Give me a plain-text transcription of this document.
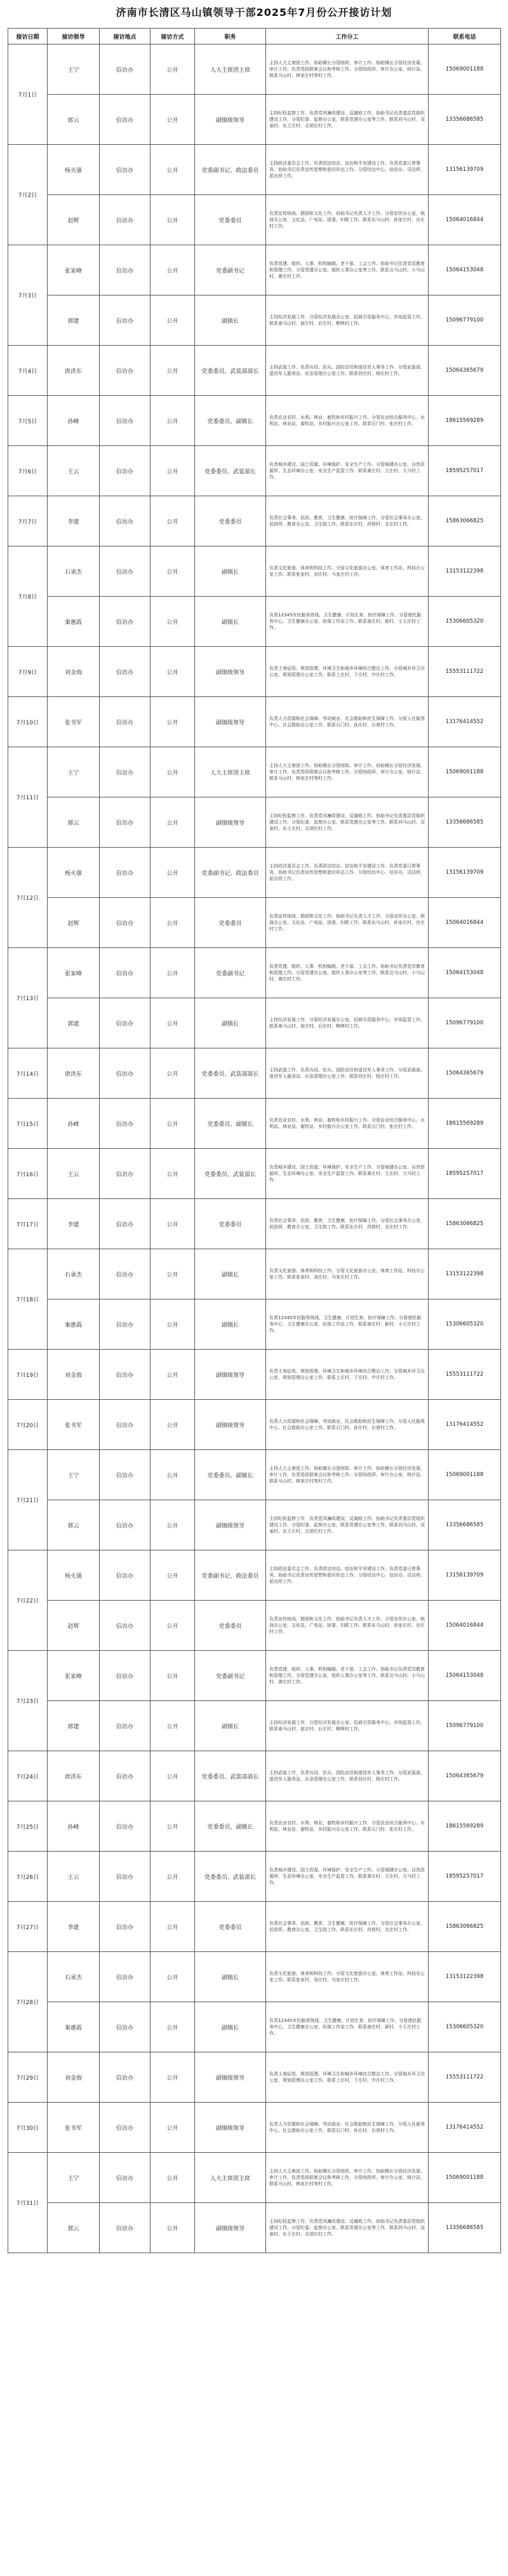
济南市长清区马山镇领导干部2025年7月份公开接访计划
接访日期	接访领导	接访地点	接访方式	职务	工作分工	联系电话
7月1日	王宁	信访办	公开	人大主席团主席	主持人大主席团工作。协助镇长分管财政、审计工作。协助镇长分管经济发展、审计工作。负责党政联席会议和考核工作。分管财政所、审计办公室、统计站。联系马山村、林家庄村等村工作。	15069001188
	郭云	信访办	公开	副镇级领导	主持纪检监察工作，负责党风廉政建设、反腐败工作。协助书记负责基层党组织建设工作。分管纪委、监察办公室，联系党建办公室等工作。联系西马山村、双泉村、东王庄村、北胡庄村工作。	13356686585
7月2日	杨火强	信访办	公开	党委副书记、政法委员	主持政法委员会工作，负责政法综治、信访和平安建设工作。负责党委日常事务。协助书记负责宣传思想和意识形态工作。分管综治中心、信访办、司法所、派出所工作。	13156139709
	赵辉	信访办	公开	党委委员	负责宣传统战、群团和文化工作。协助书记负责人才工作。分管宣传办公室、统战办公室、文化站、广电站、团委、妇联工作。联系东马山村、孙家庄村、岳庄村工作。	15064016844
7月3日	张家峰	信访办	公开	党委副书记	负责党建、组织、人事、机构编制、老干部、工会工作。协助书记负责党员教育和管理工作。分管党建办公室、组织人事办公室等工作。联系北马山村、小马山村、黄庄村工作。	15064153048
	郭建	信访办	公开	副镇长	主持经济发展工作，分管经济发展办公室、招商引资服务中心、市场监管工作。联系南马山村、前庄村、后庄村、柳林村工作。	15096779100
7月4日	唐洪东	信访办	公开	党委委员、武装部部长	主持武装工作，负责兵役、民兵、国防动员和退役军人事务工作。分管武装部、退役军人服务站、应急管理办公室工作。联系西庄村、杨庄村工作。	15064365679
7月5日	孙峰	信访办	公开	党委委员、副镇长	负责农业农村、水利、林业、畜牧和乡村振兴工作。分管农业综合服务中心、水利站、林业站、畜牧站、乡村振兴办公室工作。联系石门村、张庄村工作。	18615569289
7月6日	王云	信访办	公开	党委委员、武装部长	负责城乡建设、国土资源、环境保护、安全生产工作。分管城建办公室、自然资源所、生态环境办公室、安全生产监管工作。联系黄庄村、王庄村、大马村工作。	18595257017
7月7日	李建	信访办	公开	党委委员	负责社会事务、民政、教育、卫生健康、医疗保障工作。分管社会事务办公室、民政所、教育办公室、卫生院工作。联系东庄村、西营村、北庄村工作。	15863066825
7月8日	石承杰	信访办	公开	副镇长	负责文化旅游、体育和科技工作。分管文化旅游办公室、体育工作站、科技办公室工作。联系张家村、刘庄村、马家庄村工作。	13153122398
	秦惠霞	信访办	公开	副镇长	负责12345市民服务热线、卫生健康、计划生育、医疗保障工作。分管便民服务中心、卫生健康办公室、医保工作站工作。联系南庄村、新村、小王庄村工作。	15306605320
7月9日	刘金海	信访办	公开	副镇级领导	负责土地征收、规划管理、环境卫生和城乡环境综合整治工作。分管城乡环卫办公室、规划管理办公室工作。联系上庄村、下庄村、中庄村工作。	15553111722
7月10日	张书军	信访办	公开	副镇级领导	负责人力资源和社会保障、劳动就业、社会救助和民生保障工作。分管人社服务中心、社会救助办公室工作。联系石门村、孙庄村、后营村工作。	13176414552
7月11日	王宁	信访办	公开	人大主席团主席	主持人大主席团工作。协助镇长分管财政、审计工作。协助镇长分管经济发展、审计工作。负责党政联席会议和考核工作。分管财政所、审计办公室、统计站。联系马山村、林家庄村等村工作。	15069001188
	郭云	信访办	公开	副镇级领导	主持纪检监察工作，负责党风廉政建设、反腐败工作。协助书记负责基层党组织建设工作。分管纪委、监察办公室，联系党建办公室等工作。联系西马山村、双泉村、东王庄村、北胡庄村工作。	13356686585
7月12日	杨火强	信访办	公开	党委副书记、政法委员	主持政法委员会工作，负责政法综治、信访和平安建设工作。负责党委日常事务。协助书记负责宣传思想和意识形态工作。分管综治中心、信访办、司法所、派出所工作。	13156139709
	赵辉	信访办	公开	党委委员	负责宣传统战、群团和文化工作。协助书记负责人才工作。分管宣传办公室、统战办公室、文化站、广电站、团委、妇联工作。联系东马山村、孙家庄村、岳庄村工作。	15064016844
7月13日	张家峰	信访办	公开	党委副书记	负责党建、组织、人事、机构编制、老干部、工会工作。协助书记负责党员教育和管理工作。分管党建办公室、组织人事办公室等工作。联系北马山村、小马山村、黄庄村工作。	15064153048
	郭建	信访办	公开	副镇长	主持经济发展工作，分管经济发展办公室、招商引资服务中心、市场监管工作。联系南马山村、前庄村、后庄村、柳林村工作。	15096779100
7月14日	唐洪东	信访办	公开	党委委员、武装部部长	主持武装工作，负责兵役、民兵、国防动员和退役军人事务工作。分管武装部、退役军人服务站、应急管理办公室工作。联系西庄村、杨庄村工作。	15064365679
7月15日	孙峰	信访办	公开	党委委员、副镇长	负责农业农村、水利、林业、畜牧和乡村振兴工作。分管农业综合服务中心、水利站、林业站、畜牧站、乡村振兴办公室工作。联系石门村、张庄村工作。	18615569289
7月16日	王云	信访办	公开	党委委员、武装部长	负责城乡建设、国土资源、环境保护、安全生产工作。分管城建办公室、自然资源所、生态环境办公室、安全生产监管工作。联系黄庄村、王庄村、大马村工作。	18595257017
7月17日	李建	信访办	公开	党委委员	负责社会事务、民政、教育、卫生健康、医疗保障工作。分管社会事务办公室、民政所、教育办公室、卫生院工作。联系东庄村、西营村、北庄村工作。	15863066825
7月18日	石承杰	信访办	公开	副镇长	负责文化旅游、体育和科技工作。分管文化旅游办公室、体育工作站、科技办公室工作。联系张家村、刘庄村、马家庄村工作。	13153122398
	秦惠霞	信访办	公开	副镇长	负责12345市民服务热线、卫生健康、计划生育、医疗保障工作。分管便民服务中心、卫生健康办公室、医保工作站工作。联系南庄村、新村、小王庄村工作。	15306605320
7月19日	刘金海	信访办	公开	副镇级领导	负责土地征收、规划管理、环境卫生和城乡环境综合整治工作。分管城乡环卫办公室、规划管理办公室工作。联系上庄村、下庄村、中庄村工作。	15553111722
7月20日	张书军	信访办	公开	副镇级领导	负责人力资源和社会保障、劳动就业、社会救助和民生保障工作。分管人社服务中心、社会救助办公室工作。联系石门村、孙庄村、后营村工作。	13176414552
7月21日	王宁	信访办	公开	党委委员、副镇长	主持人大主席团工作。协助镇长分管财政、审计工作。协助镇长分管经济发展、审计工作。负责党政联席会议和考核工作。分管财政所、审计办公室、统计站。联系马山村、林家庄村等村工作。	15069001188
	郭云	信访办	公开	副镇级领导	主持纪检监察工作，负责党风廉政建设、反腐败工作。协助书记负责基层党组织建设工作。分管纪委、监察办公室，联系党建办公室等工作。联系西马山村、双泉村、东王庄村、北胡庄村工作。	13356686585
7月22日	杨火强	信访办	公开	党委副书记、政法委员	主持政法委员会工作，负责政法综治、信访和平安建设工作。负责党委日常事务。协助书记负责宣传思想和意识形态工作。分管综治中心、信访办、司法所、派出所工作。	13156139709
	赵辉	信访办	公开	党委委员	负责宣传统战、群团和文化工作。协助书记负责人才工作。分管宣传办公室、统战办公室、文化站、广电站、团委、妇联工作。联系东马山村、孙家庄村、岳庄村工作。	15064016844
7月23日	张家峰	信访办	公开	党委副书记	负责党建、组织、人事、机构编制、老干部、工会工作。协助书记负责党员教育和管理工作。分管党建办公室、组织人事办公室等工作。联系北马山村、小马山村、黄庄村工作。	15064153048
	郭建	信访办	公开	副镇长	主持经济发展工作，分管经济发展办公室、招商引资服务中心、市场监管工作。联系南马山村、前庄村、后庄村、柳林村工作。	15096779100
7月24日	唐洪东	信访办	公开	党委委员、武装部部长	主持武装工作，负责兵役、民兵、国防动员和退役军人事务工作。分管武装部、退役军人服务站、应急管理办公室工作。联系西庄村、杨庄村工作。	15064365679
7月25日	孙峰	信访办	公开	党委委员、副镇长	负责农业农村、水利、林业、畜牧和乡村振兴工作。分管农业综合服务中心、水利站、林业站、畜牧站、乡村振兴办公室工作。联系石门村、张庄村工作。	18615569289
7月26日	王云	信访办	公开	党委委员、武装部长	负责城乡建设、国土资源、环境保护、安全生产工作。分管城建办公室、自然资源所、生态环境办公室、安全生产监管工作。联系黄庄村、王庄村、大马村工作。	18595257017
7月27日	李建	信访办	公开	党委委员	负责社会事务、民政、教育、卫生健康、医疗保障工作。分管社会事务办公室、民政所、教育办公室、卫生院工作。联系东庄村、西营村、北庄村工作。	15863066825
7月28日	石承杰	信访办	公开	副镇长	负责文化旅游、体育和科技工作。分管文化旅游办公室、体育工作站、科技办公室工作。联系张家村、刘庄村、马家庄村工作。	13153122398
	秦惠霞	信访办	公开	副镇长	负责12345市民服务热线、卫生健康、计划生育、医疗保障工作。分管便民服务中心、卫生健康办公室、医保工作站工作。联系南庄村、新村、小王庄村工作。	15306605320
7月29日	刘金海	信访办	公开	副镇级领导	负责土地征收、规划管理、环境卫生和城乡环境综合整治工作。分管城乡环卫办公室、规划管理办公室工作。联系上庄村、下庄村、中庄村工作。	15553111722
7月30日	张书军	信访办	公开	副镇级领导	负责人力资源和社会保障、劳动就业、社会救助和民生保障工作。分管人社服务中心、社会救助办公室工作。联系石门村、孙庄村、后营村工作。	13176414552
7月31日	王宁	信访办	公开	人大主席团主席	主持人大主席团工作。协助镇长分管财政、审计工作。协助镇长分管经济发展、审计工作。负责党政联席会议和考核工作。分管财政所、审计办公室、统计站。联系马山村、林家庄村等村工作。	15069001188
	郭云	信访办	公开	副镇级领导	主持纪检监察工作，负责党风廉政建设、反腐败工作。协助书记负责基层党组织建设工作。分管纪委、监察办公室，联系党建办公室等工作。联系西马山村、双泉村、东王庄村、北胡庄村工作。	13356686585
